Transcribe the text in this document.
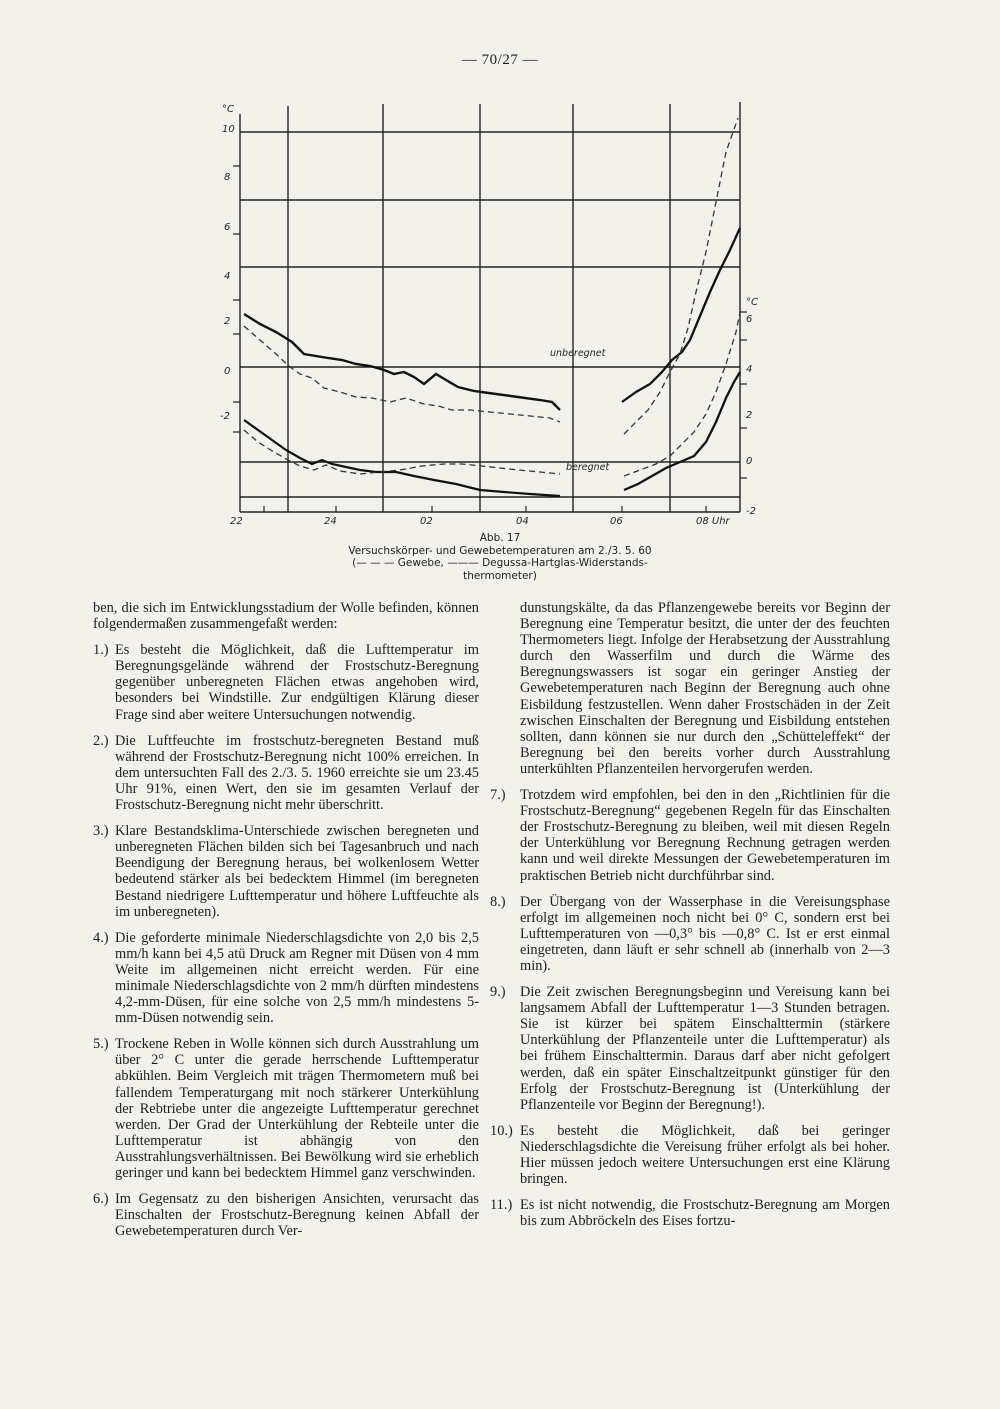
— 70/27 —
°C
10
8
6
4
2
0
-2
°C
6
4
2
0
-2
22	24	02	04	06	08 Uhr
unberegnet
beregnet
Abb. 17
Versuchskörper- und Gewebetemperaturen am 2./3. 5. 60
(— — — Gewebe, ——— Degussa-Hartglas-Widerstands-
thermometer)

ben, die sich im Entwicklungsstadium der Wolle befinden, können folgendermaßen zusammengefaßt werden:

1.) Es besteht die Möglichkeit, daß die Lufttemperatur im Beregnungsgelände während der Frostschutz-Beregnung gegenüber unberegneten Flächen etwas angehoben wird, besonders bei Windstille. Zur endgültigen Klärung dieser Frage sind aber weitere Untersuchungen notwendig.

2.) Die Luftfeuchte im frostschutz-beregneten Bestand muß während der Frostschutz-Beregnung nicht 100% erreichen. In dem untersuchten Fall des 2./3. 5. 1960 erreichte sie um 23.45 Uhr 91%, einen Wert, den sie im gesamten Verlauf der Frostschutz-Beregnung nicht mehr überschritt.

3.) Klare Bestandsklima-Unterschiede zwischen beregneten und unberegneten Flächen bilden sich bei Tagesanbruch und nach Beendigung der Beregnung heraus, bei wolkenlosem Wetter bedeutend stärker als bei bedecktem Himmel (im beregneten Bestand niedrigere Lufttemperatur und höhere Luftfeuchte als im unberegneten).

4.) Die geforderte minimale Niederschlagsdichte von 2,0 bis 2,5 mm/h kann bei 4,5 atü Druck am Regner mit Düsen von 4 mm Weite im allgemeinen nicht erreicht werden. Für eine minimale Niederschlagsdichte von 2 mm/h dürften mindestens 4,2-mm-Düsen, für eine solche von 2,5 mm/h mindestens 5-mm-Düsen notwendig sein.

5.) Trockene Reben in Wolle können sich durch Ausstrahlung um über 2° C unter die gerade herrschende Lufttemperatur abkühlen. Beim Vergleich mit trägen Thermometern muß bei fallendem Temperaturgang mit noch stärkerer Unterkühlung der Rebtriebe unter die angezeigte Lufttemperatur gerechnet werden. Der Grad der Unterkühlung der Rebteile unter die Lufttemperatur ist abhängig von den Ausstrahlungsverhältnissen. Bei Bewölkung wird sie erheblich geringer und kann bei bedecktem Himmel ganz verschwinden.

6.) Im Gegensatz zu den bisherigen Ansichten, verursacht das Einschalten der Frostschutz-Beregnung keinen Abfall der Gewebetemperaturen durch Ver-

dunstungskälte, da das Pflanzengewebe bereits vor Beginn der Beregnung eine Temperatur besitzt, die unter der des feuchten Thermometers liegt. Infolge der Herabsetzung der Ausstrahlung durch den Wasserfilm und durch die Wärme des Beregnungswassers ist sogar ein geringer Anstieg der Gewebetemperaturen nach Beginn der Beregnung auch ohne Eisbildung festzustellen. Wenn daher Frostschäden in der Zeit zwischen Einschalten der Beregnung und Eisbildung entstehen sollten, dann können sie nur durch den „Schütteleffekt“ der Beregnung bei den bereits vorher durch Ausstrahlung unterkühlten Pflanzenteilen hervorgerufen werden.

7.) Trotzdem wird empfohlen, bei den in den „Richtlinien für die Frostschutz-Beregnung“ gegebenen Regeln für das Einschalten der Frostschutz-Beregnung zu bleiben, weil mit diesen Regeln der Unterkühlung vor Beregnung Rechnung getragen werden kann und weil direkte Messungen der Gewebetemperaturen im praktischen Betrieb nicht durchführbar sind.

8.) Der Übergang von der Wasserphase in die Vereisungsphase erfolgt im allgemeinen noch nicht bei 0° C, sondern erst bei Lufttemperaturen von —0,3° bis —0,8° C. Ist er erst einmal eingetreten, dann läuft er sehr schnell ab (innerhalb von 2—3 min).

9.) Die Zeit zwischen Beregnungsbeginn und Vereisung kann bei langsamem Abfall der Lufttemperatur 1—3 Stunden betragen. Sie ist kürzer bei spätem Einschalttermin (stärkere Unterkühlung der Pflanzenteile unter die Lufttemperatur) als bei frühem Einschalttermin. Daraus darf aber nicht gefolgert werden, daß ein später Einschaltzeitpunkt günstiger für den Erfolg der Frostschutz-Beregnung ist (Unterkühlung der Pflanzenteile vor Beginn der Beregnung!).

10.) Es besteht die Möglichkeit, daß bei geringer Niederschlagsdichte die Vereisung früher erfolgt als bei hoher. Hier müssen jedoch weitere Untersuchungen erst eine Klärung bringen.

11.) Es ist nicht notwendig, die Frostschutz-Beregnung am Morgen bis zum Abbröckeln des Eises fortzu-
